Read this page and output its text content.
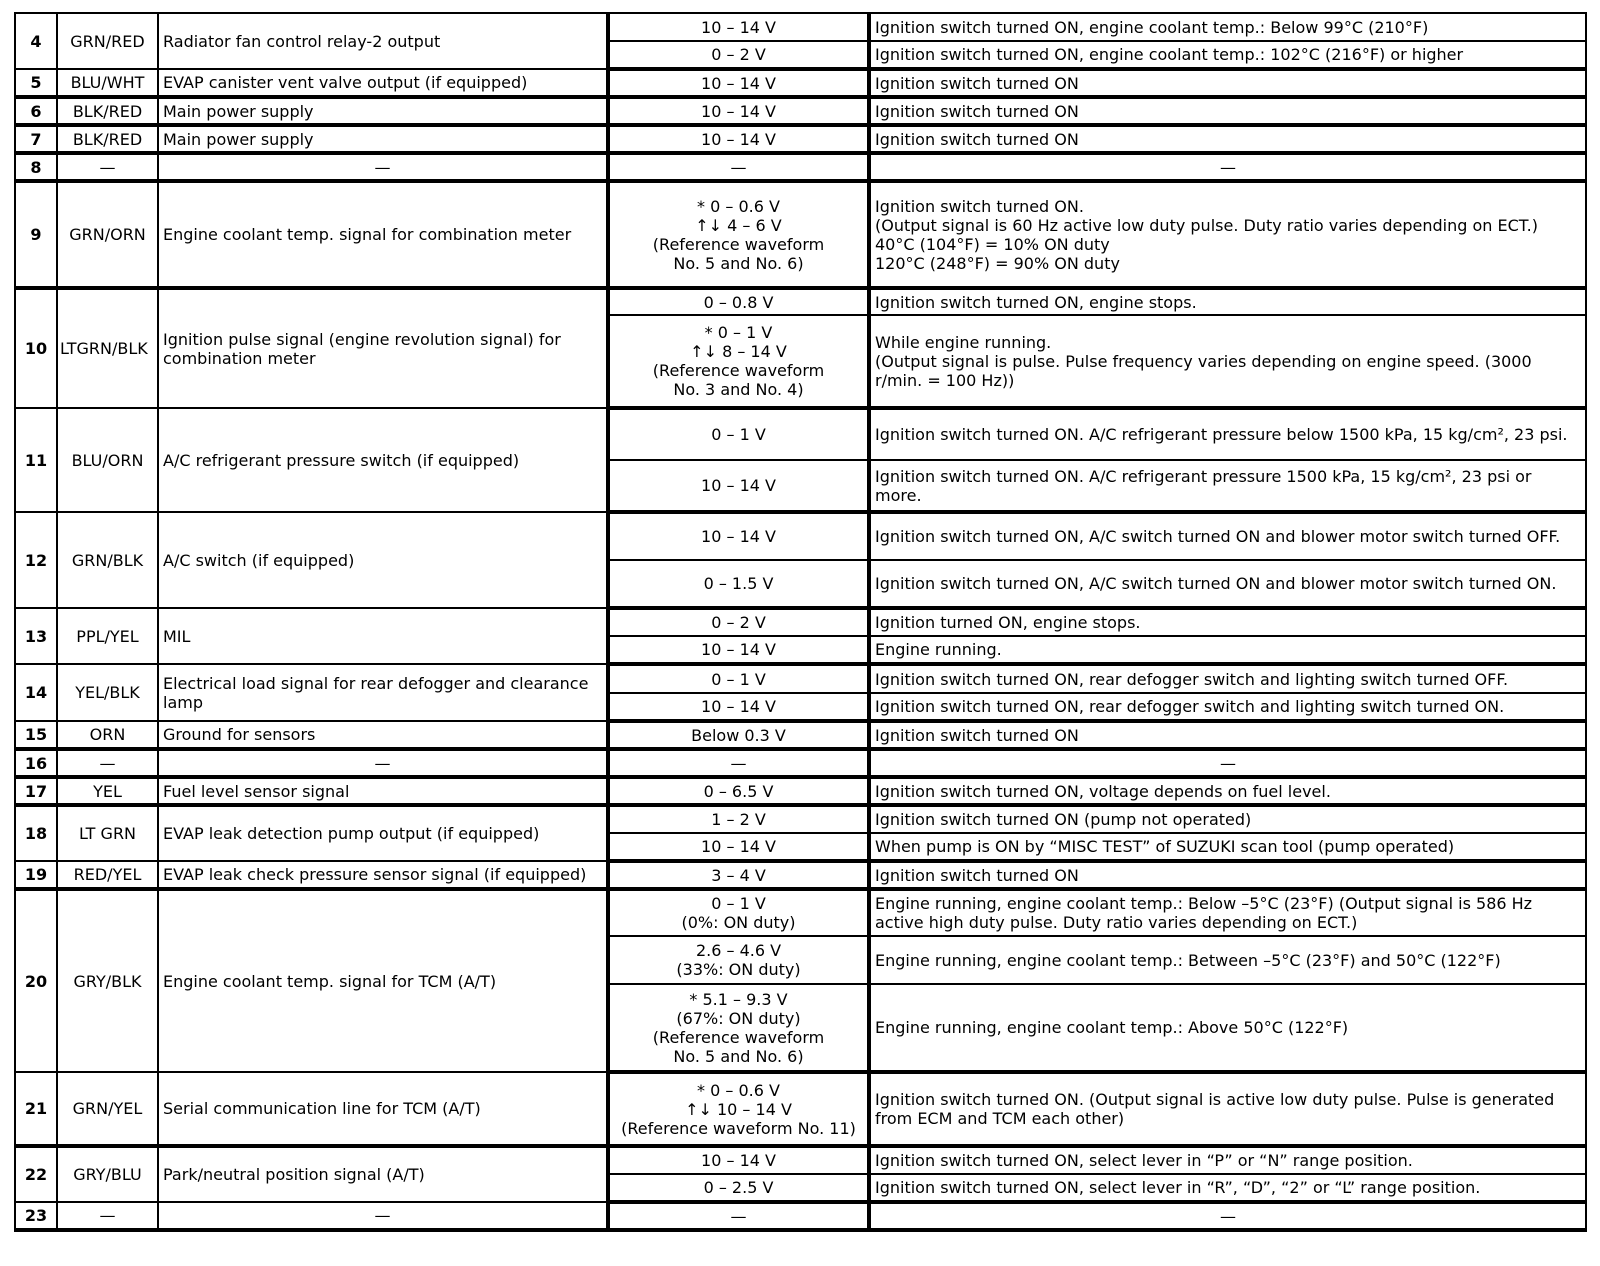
4	GRN/RED	Radiator fan control relay-2 output	10 – 14 V	Ignition switch turned ON, engine coolant temp.: Below 99°C (210°F)
			0 – 2 V	Ignition switch turned ON, engine coolant temp.: 102°C (216°F) or higher
5	BLU/WHT	EVAP canister vent valve output (if equipped)	10 – 14 V	Ignition switch turned ON
6	BLK/RED	Main power supply	10 – 14 V	Ignition switch turned ON
7	BLK/RED	Main power supply	10 – 14 V	Ignition switch turned ON
8	—	—	—	—
9	GRN/ORN	Engine coolant temp. signal for combination meter	* 0 – 0.6 V
↑↓ 4 – 6 V
(Reference waveform
No. 5 and No. 6)	Ignition switch turned ON.
(Output signal is 60 Hz active low duty pulse. Duty ratio varies depending on ECT.)
40°C (104°F) = 10% ON duty
120°C (248°F) = 90% ON duty
10	LTGRN/BLK	Ignition pulse signal (engine revolution signal) for combination meter	0 – 0.8 V	Ignition switch turned ON, engine stops.
			* 0 – 1 V
↑↓ 8 – 14 V
(Reference waveform
No. 3 and No. 4)	While engine running.
(Output signal is pulse. Pulse frequency varies depending on engine speed. (3000 r/min. = 100 Hz))
11	BLU/ORN	A/C refrigerant pressure switch (if equipped)	0 – 1 V	Ignition switch turned ON. A/C refrigerant pressure below 1500 kPa, 15 kg/cm², 23 psi.
			10 – 14 V	Ignition switch turned ON. A/C refrigerant pressure 1500 kPa, 15 kg/cm², 23 psi or more.
12	GRN/BLK	A/C switch (if equipped)	10 – 14 V	Ignition switch turned ON, A/C switch turned ON and blower motor switch turned OFF.
			0 – 1.5 V	Ignition switch turned ON, A/C switch turned ON and blower motor switch turned ON.
13	PPL/YEL	MIL	0 – 2 V	Ignition turned ON, engine stops.
			10 – 14 V	Engine running.
14	YEL/BLK	Electrical load signal for rear defogger and clearance lamp	0 – 1 V	Ignition switch turned ON, rear defogger switch and lighting switch turned OFF.
			10 – 14 V	Ignition switch turned ON, rear defogger switch and lighting switch turned ON.
15	ORN	Ground for sensors	Below 0.3 V	Ignition switch turned ON
16	—	—	—	—
17	YEL	Fuel level sensor signal	0 – 6.5 V	Ignition switch turned ON, voltage depends on fuel level.
18	LT GRN	EVAP leak detection pump output (if equipped)	1 – 2 V	Ignition switch turned ON (pump not operated)
			10 – 14 V	When pump is ON by “MISC TEST” of SUZUKI scan tool (pump operated)
19	RED/YEL	EVAP leak check pressure sensor signal (if equipped)	3 – 4 V	Ignition switch turned ON
20	GRY/BLK	Engine coolant temp. signal for TCM (A/T)	0 – 1 V
(0%: ON duty)	Engine running, engine coolant temp.: Below –5°C (23°F) (Output signal is 586 Hz active high duty pulse. Duty ratio varies depending on ECT.)
			2.6 – 4.6 V
(33%: ON duty)	Engine running, engine coolant temp.: Between –5°C (23°F) and 50°C (122°F)
			* 5.1 – 9.3 V
(67%: ON duty)
(Reference waveform
No. 5 and No. 6)	Engine running, engine coolant temp.: Above 50°C (122°F)
21	GRN/YEL	Serial communication line for TCM (A/T)	* 0 – 0.6 V
↑↓ 10 – 14 V
(Reference waveform No. 11)	Ignition switch turned ON. (Output signal is active low duty pulse. Pulse is generated from ECM and TCM each other)
22	GRY/BLU	Park/neutral position signal (A/T)	10 – 14 V	Ignition switch turned ON, select lever in “P” or “N” range position.
			0 – 2.5 V	Ignition switch turned ON, select lever in “R”, “D”, “2” or “L” range position.
23	—	—	—	—
